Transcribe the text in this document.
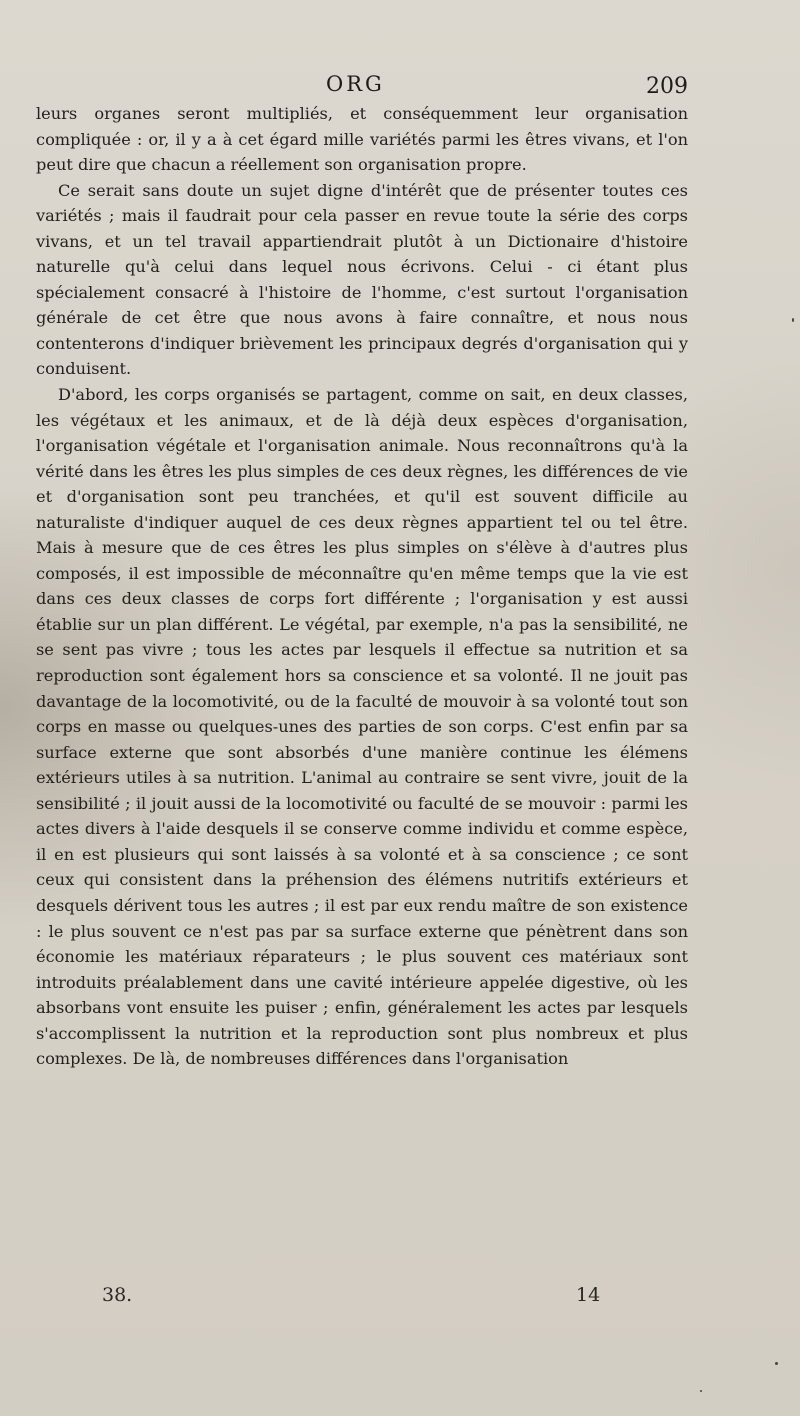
ORG	209

leurs organes seront multipliés, et conséquemment leur organisation compliquée : or, il y a à cet égard mille variétés parmi les êtres vivans, et l'on peut dire que chacun a réellement son organisation propre.

Ce serait sans doute un sujet digne d'intérêt que de présenter toutes ces variétés ; mais il faudrait pour cela passer en revue toute la série des corps vivans, et un tel travail appartiendrait plutôt à un Dictionaire d'histoire naturelle qu'à celui dans lequel nous écrivons. Celui - ci étant plus spécialement consacré à l'histoire de l'homme, c'est surtout l'organisation générale de cet être que nous avons à faire connaître, et nous nous contenterons d'indiquer brièvement les principaux degrés d'organisation qui y conduisent.

D'abord, les corps organisés se partagent, comme on sait, en deux classes, les végétaux et les animaux, et de là déjà deux espèces d'organisation, l'organisation végétale et l'organisation animale. Nous reconnaîtrons qu'à la vérité dans les êtres les plus simples de ces deux règnes, les différences de vie et d'organisation sont peu tranchées, et qu'il est souvent difficile au naturaliste d'indiquer auquel de ces deux règnes appartient tel ou tel être. Mais à mesure que de ces êtres les plus simples on s'élève à d'autres plus composés, il est impossible de méconnaître qu'en même temps que la vie est dans ces deux classes de corps fort différente ; l'organisation y est aussi établie sur un plan différent. Le végétal, par exemple, n'a pas la sensibilité, ne se sent pas vivre ; tous les actes par lesquels il effectue sa nutrition et sa reproduction sont également hors sa conscience et sa volonté. Il ne jouit pas davantage de la locomotivité, ou de la faculté de mouvoir à sa volonté tout son corps en masse ou quelques-unes des parties de son corps. C'est enfin par sa surface externe que sont absorbés d'une manière continue les élémens extérieurs utiles à sa nutrition. L'animal au contraire se sent vivre, jouit de la sensibilité ; il jouit aussi de la locomotivité ou faculté de se mouvoir : parmi les actes divers à l'aide desquels il se conserve comme individu et comme espèce, il en est plusieurs qui sont laissés à sa volonté et à sa conscience ; ce sont ceux qui consistent dans la préhension des élémens nutritifs extérieurs et desquels dérivent tous les autres ; il est par eux rendu maître de son existence : le plus souvent ce n'est pas par sa surface externe que pénètrent dans son économie les matériaux réparateurs ; le plus souvent ces matériaux sont introduits préalablement dans une cavité intérieure appelée digestive, où les absorbans vont ensuite les puiser ; enfin, généralement les actes par lesquels s'accomplissent la nutrition et la reproduction sont plus nombreux et plus complexes. De là, de nombreuses différences dans l'organisation

38.	14
